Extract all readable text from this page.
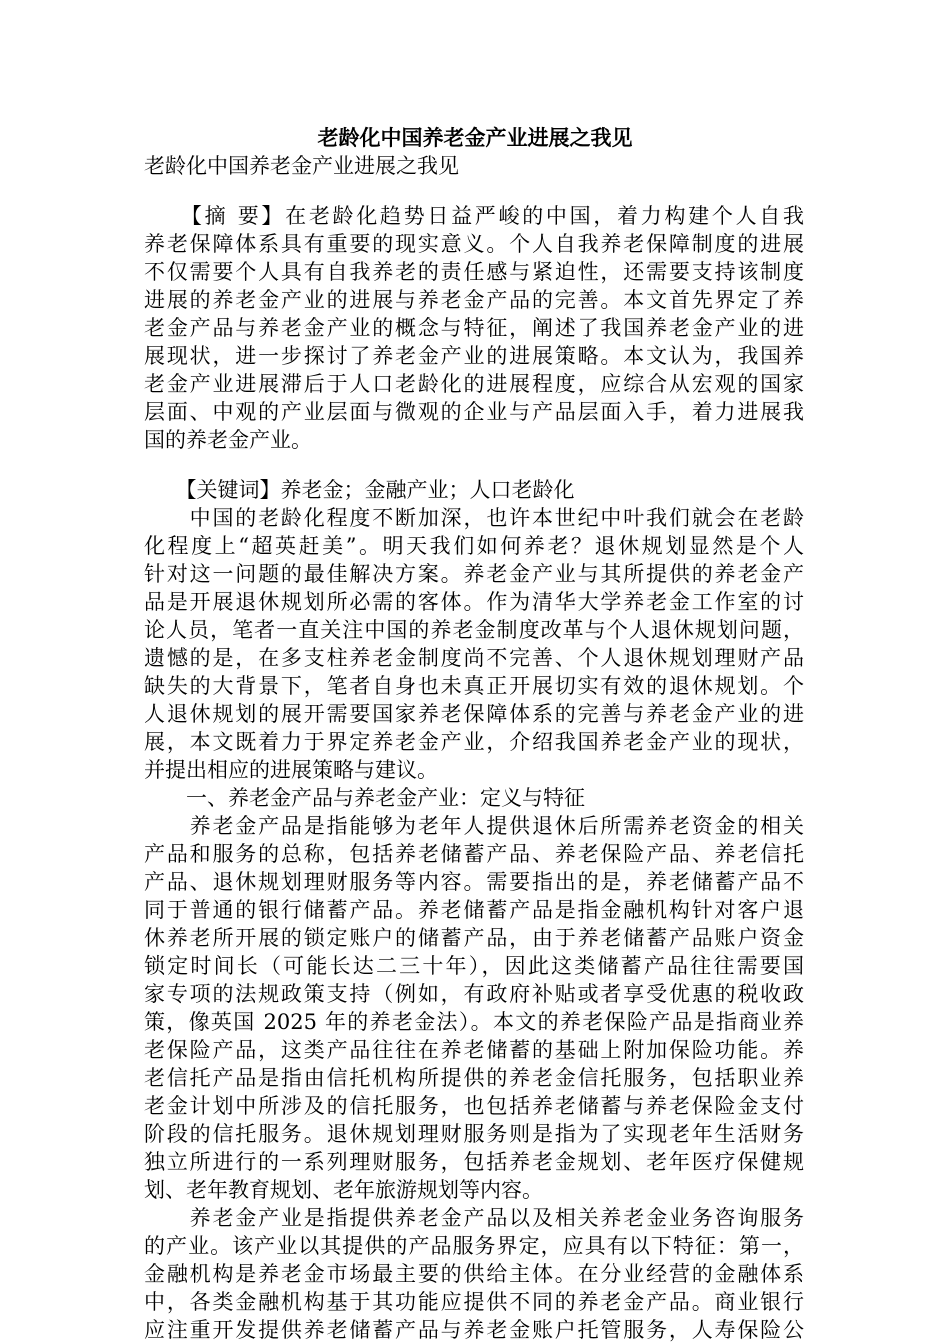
老龄化中国养老金产业进展之我见

老龄化中国养老金产业进展之我见

　　【摘 要】在老龄化趋势日益严峻的中国，着力构建个人自我

养老保障体系具有重要的现实意义。个人自我养老保障制度的进展

不仅需要个人具有自我养老的责任感与紧迫性，还需要支持该制度

进展的养老金产业的进展与养老金产品的完善。本文首先界定了养

老金产品与养老金产业的概念与特征，阐述了我国养老金产业的进

展现状，进一步探讨了养老金产业的进展策略。本文认为，我国养

老金产业进展滞后于人口老龄化的进展程度，应综合从宏观的国家

层面、中观的产业层面与微观的企业与产品层面入手，着力进展我

国的养老金产业。

　　【关键词】养老金；金融产业；人口老龄化

　　中国的老龄化程度不断加深，也许本世纪中叶我们就会在老龄

化程度上“超英赶美”。明天我们如何养老？退休规划显然是个人

针对这一问题的最佳解决方案。养老金产业与其所提供的养老金产

品是开展退休规划所必需的客体。作为清华大学养老金工作室的讨

论人员，笔者一直关注中国的养老金制度改革与个人退休规划问题，

遗憾的是，在多支柱养老金制度尚不完善、个人退休规划理财产品

缺失的大背景下，笔者自身也未真正开展切实有效的退休规划。个

人退休规划的展开需要国家养老保障体系的完善与养老金产业的进

展，本文既着力于界定养老金产业，介绍我国养老金产业的现状，

并提出相应的进展策略与建议。

　　一、养老金产品与养老金产业：定义与特征

　　养老金产品是指能够为老年人提供退休后所需养老资金的相关

产品和服务的总称，包括养老储蓄产品、养老保险产品、养老信托

产品、退休规划理财服务等内容。需要指出的是，养老储蓄产品不

同于普通的银行储蓄产品。养老储蓄产品是指金融机构针对客户退

休养老所开展的锁定账户的储蓄产品，由于养老储蓄产品账户资金

锁定时间长（可能长达二三十年），因此这类储蓄产品往往需要国

家专项的法规政策支持（例如，有政府补贴或者享受优惠的税收政

策，像英国 2025 年的养老金法）。本文的养老保险产品是指商业养

老保险产品，这类产品往往在养老储蓄的基础上附加保险功能。养

老信托产品是指由信托机构所提供的养老金信托服务，包括职业养

老金计划中所涉及的信托服务，也包括养老储蓄与养老保险金支付

阶段的信托服务。退休规划理财服务则是指为了实现老年生活财务

独立所进行的一系列理财服务，包括养老金规划、老年医疗保健规

划、老年教育规划、老年旅游规划等内容。

　　养老金产业是指提供养老金产品以及相关养老金业务咨询服务

的产业。该产业以其提供的产品服务界定，应具有以下特征：第一，

金融机构是养老金市场最主要的供给主体。在分业经营的金融体系

中，各类金融机构基于其功能应提供不同的养老金产品。商业银行

应注重开发提供养老储蓄产品与养老金账户托管服务，人寿保险公
